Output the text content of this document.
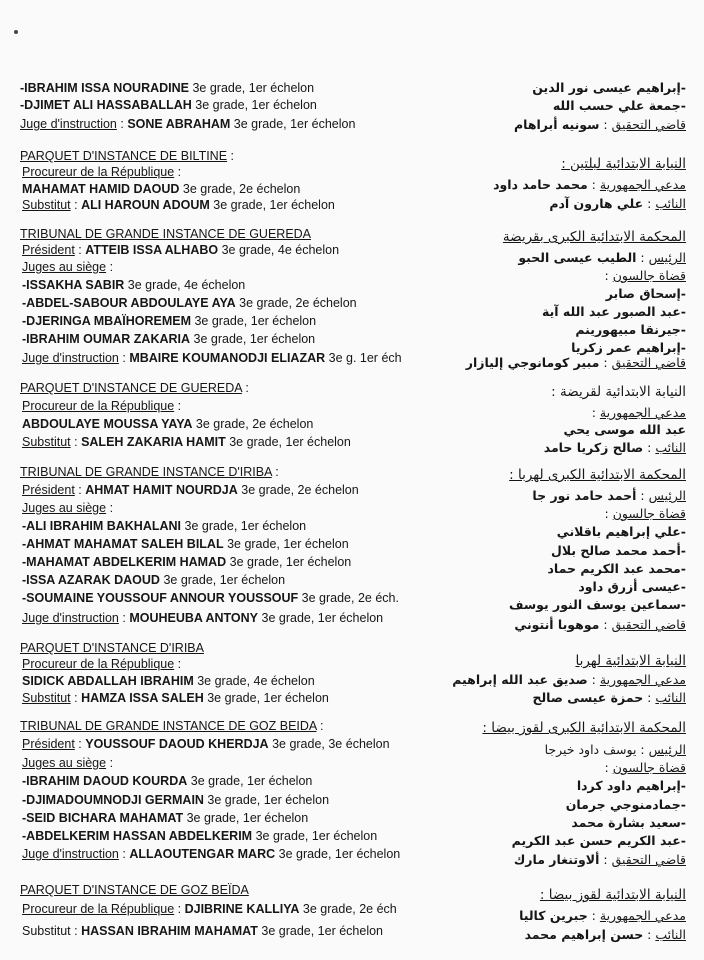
-IBRAHIM ISSA NOURADINE 3e grade, 1er échelon
-DJIMET ALI HASSABALLAH 3e grade, 1er échelon
Juge d'instruction : SONE ABRAHAM 3e grade, 1er échelon
PARQUET D'INSTANCE DE BILTINE :
Procureur de la République :
MAHAMAT HAMID DAOUD 3e grade, 2e échelon
Substitut : ALI HAROUN ADOUM 3e grade, 1er échelon
TRIBUNAL DE GRANDE INSTANCE DE GUEREDA
Président : ATTEIB ISSA ALHABO 3e grade, 4e échelon
Juges au siège :
-ISSAKHA SABIR 3e grade, 4e échelon
-ABDEL-SABOUR ABDOULAYE AYA 3e grade, 2e échelon
-DJERINGA MBAÏHOREMEM 3e grade, 1er échelon
-IBRAHIM OUMAR ZAKARIA 3e grade, 1er échelon
Juge d'instruction : MBAIRE KOUMANODJI ELIAZAR 3e g. 1er éch
PARQUET D'INSTANCE DE GUEREDA :
Procureur de la République :
ABDOULAYE MOUSSA YAYA 3e grade, 2e échelon
Substitut : SALEH ZAKARIA HAMIT 3e grade, 1er échelon
TRIBUNAL DE GRANDE INSTANCE D'IRIBA :
Président : AHMAT HAMIT NOURDJA 3e grade, 2e échelon
Juges au siège :
-ALI IBRAHIM BAKHALANI 3e grade, 1er échelon
-AHMAT MAHAMAT SALEH BILAL 3e grade, 1er échelon
-MAHAMAT ABDELKERIM HAMAD 3e grade, 1er échelon
-ISSA AZARAK DAOUD 3e grade, 1er échelon
-SOUMAINE YOUSSOUF ANNOUR YOUSSOUF 3e grade, 2e éch.
Juge d'instruction : MOUHEUBA ANTONY 3e grade, 1er échelon
PARQUET D'INSTANCE D'IRIBA
Procureur de la République :
SIDICK ABDALLAH IBRAHIM 3e grade, 4e échelon
Substitut : HAMZA ISSA SALEH 3e grade, 1er échelon
TRIBUNAL DE GRANDE INSTANCE DE GOZ BEIDA :
Président : YOUSSOUF DAOUD KHERDJA 3e grade, 3e échelon
Juges au siège :
-IBRAHIM DAOUD KOURDA 3e grade, 1er échelon
-DJIMADOUMNODJI GERMAIN 3e grade, 1er échelon
-SEID BICHARA MAHAMAT 3e grade, 1er échelon
-ABDELKERIM HASSAN ABDELKERIM 3e grade, 1er échelon
Juge d'instruction : ALLAOUTENGAR MARC 3e grade, 1er échelon
PARQUET D'INSTANCE DE GOZ BEÏDA
Procureur de la République : DJIBRINE KALLIYA 3e grade, 2e éch
Substitut : HASSAN IBRAHIM MAHAMAT 3e grade, 1er échelon
-إبراهيم عيسى نور الدين
-جمعة علي حسب الله
قاضي التحقيق : سونيه أبراهام
النيابة الابتدائية لبلتين :
مدعي الجمهورية : محمد حامد داود
النائب : علي هارون آدم
المحكمة الابتدائية الكبرى بقريضة
الرئيس : الطيب عيسى الحبو
قضاة جالسون :
-إسحاق صابر
-عبد الصبور عبد الله آية
-جيرنقا مبيهورينم
-إبراهيم عمر زكريا
قاضي التحقيق : مبير كومانوجي إليازار
النيابة الابتدائية لقريضة :
مدعي الجمهورية :
عبد الله موسى يحي
النائب : صالح زكريا حامد
المحكمة الابتدائية الكبرى لهربا :
الرئيس : أحمد حامد نور جا
قضاة جالسون :
-علي إبراهيم باقلاني
-أحمد محمد صالح بلال
-محمد عبد الكريم حماد
-عيسى أزرق داود
-سماعين يوسف النور يوسف
قاضي التحقيق : موهوبا أنتوني
النيابة الابتدائية لهربا
مدعي الجمهورية : صديق عبد الله إبراهيم
النائب : حمزة عيسى صالح
المحكمة الابتدائية الكبرى لقوز بيضا :
الرئيس : يوسف داود خيرجا
قضاة جالسون :
-إبراهيم داود كردا
-جمادمنوجي جرمان
-سعيد بشارة محمد
-عبد الكريم حسن عبد الكريم
قاضي التحقيق : ألاوتنغار مارك
النيابة الابتدائية لقوز بيضا :
مدعي الجمهورية : جبرين كاليا
النائب : حسن إبراهيم محمد
